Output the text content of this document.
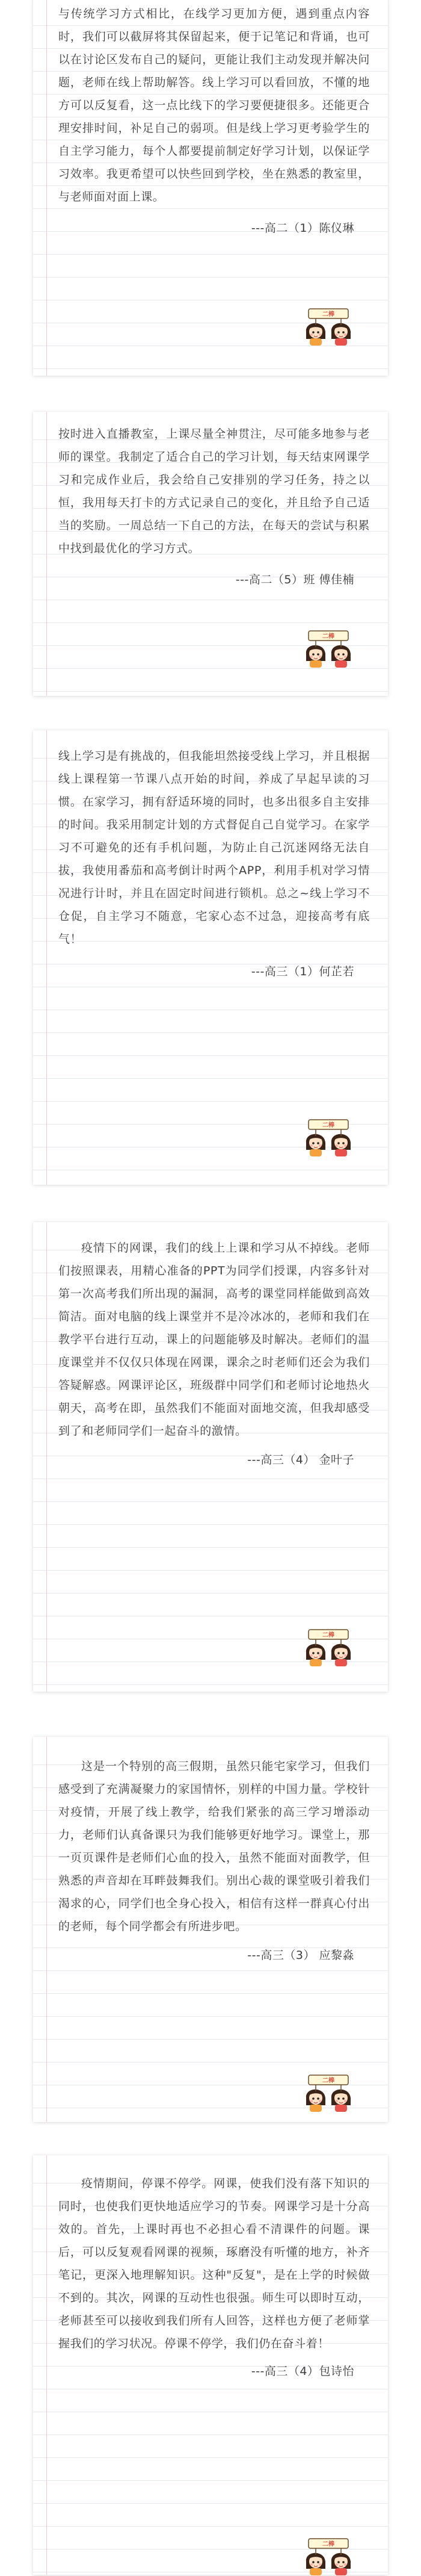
与传统学习方式相比，在线学习更加方便，遇到重点内容时，我们可以截屏将其保留起来，便于记笔记和背诵，也可以在讨论区发布自己的疑问，更能让我们主动发现并解决问题，老师在线上帮助解答。线上学习可以看回放，不懂的地方可以反复看，这一点比线下的学习要便捷很多。还能更合理安排时间，补足自己的弱项。但是线上学习更考验学生的自主学习能力，每个人都要提前制定好学习计划，以保证学习效率。我更希望可以快些回到学校，坐在熟悉的教室里，与老师面对面上课。

---高二（1）陈仪琳
二棒

按时进入直播教室，上课尽量全神贯注，尽可能多地参与老师的课堂。我制定了适合自己的学习计划，每天结束网课学习和完成作业后，我会给自己安排别的学习任务，持之以恒，我用每天打卡的方式记录自己的变化，并且给予自己适当的奖励。一周总结一下自己的方法，在每天的尝试与积累中找到最优化的学习方式。

---高二（5）班 傅佳楠
二棒

线上学习是有挑战的，但我能坦然接受线上学习，并且根据线上课程第一节课八点开始的时间，养成了早起早读的习惯。在家学习，拥有舒适环境的同时，也多出很多自主安排的时间。我采用制定计划的方式督促自己自觉学习。在家学习不可避免的还有手机问题，为防止自己沉迷网络无法自拔，我使用番茄和高考倒计时两个APP，利用手机对学习情况进行计时，并且在固定时间进行锁机。总之~线上学习不仓促，自主学习不随意，宅家心态不过急，迎接高考有底气！

---高三（1）何芷若
二棒

疫情下的网课，我们的线上上课和学习从不掉线。老师们按照课表，用精心准备的PPT为同学们授课，内容多针对第一次高考我们所出现的漏洞，高考的课堂同样能做到高效简洁。面对电脑的线上课堂并不是冷冰冰的，老师和我们在教学平台进行互动，课上的问题能够及时解决。老师们的温度课堂并不仅仅只体现在网课，课余之时老师们还会为我们答疑解惑。网课评论区，班级群中同学们和老师讨论地热火朝天，高考在即，虽然我们不能面对面地交流，但我却感受到了和老师同学们一起奋斗的激情。

---高三（4） 金叶子
二棒

这是一个特别的高三假期，虽然只能宅家学习，但我们感受到了充满凝聚力的家国情怀，别样的中国力量。学校针对疫情，开展了线上教学，给我们紧张的高三学习增添动力，老师们认真备课只为我们能够更好地学习。课堂上，那一页页课件是老师们心血的投入，虽然不能面对面教学，但熟悉的声音却在耳畔鼓舞我们。别出心裁的课堂吸引着我们渴求的心，同学们也全身心投入，相信有这样一群真心付出的老师，每个同学都会有所进步吧。

---高三（3） 应黎淼
二棒

疫情期间，停课不停学。网课，使我们没有落下知识的同时，也使我们更快地适应学习的节奏。网课学习是十分高效的。首先，上课时再也不必担心看不清课件的问题。课后，可以反复观看网课的视频，琢磨没有听懂的地方，补齐笔记，更深入地理解知识。这种"反复"，是在上学的时候做不到的。其次，网课的互动性也很强。师生可以即时互动，老师甚至可以接收到我们所有人回答，这样也方便了老师掌握我们的学习状况。停课不停学，我们仍在奋斗着！

---高三（4）包诗怡
二棒
